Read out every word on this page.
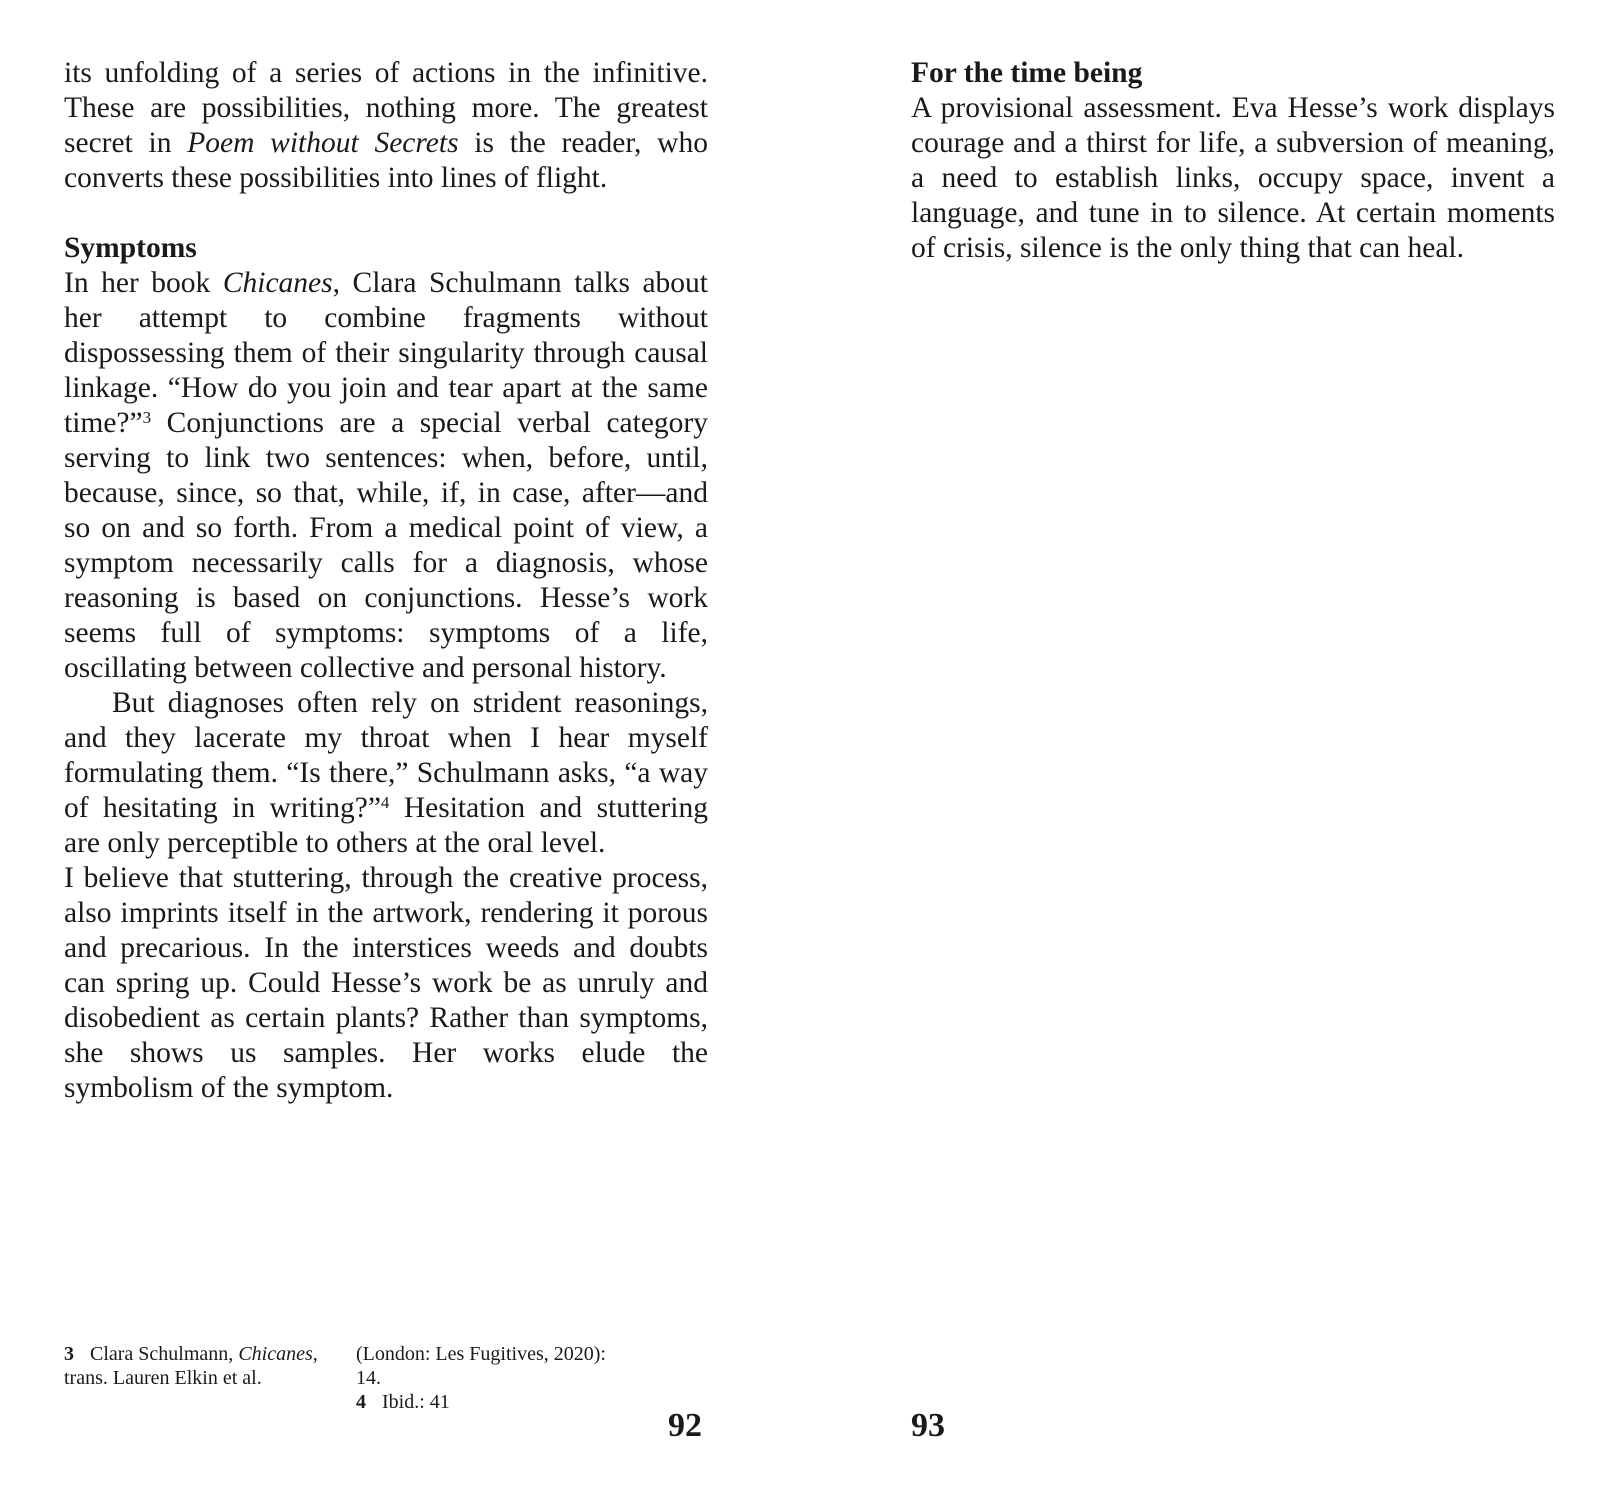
its unfolding of a series of actions in the infinitive. These are possibilities, nothing more. The greatest secret in Poem without Secrets is the reader, who converts these possibilities into lines of flight.

Symptoms

In her book Chicanes, Clara Schulmann talks about her attempt to combine fragments without dispossessing them of their singularity through causal linkage. “How do you join and tear apart at the same time?”$^3$ Conjunctions are a special verbal category serving to link two sentences: when, before, until, because, since, so that, while, if, in case, after—and so on and so forth. From a medical point of view, a symptom necessarily calls for a diagnosis, whose reasoning is based on conjunctions. Hesse’s work seems full of symptoms: symptoms of a life, oscillating between collective and personal history.

But diagnoses often rely on strident reasonings, and they lacerate my throat when I hear myself formulating them. “Is there,” Schulmann asks, “a way of hesitating in writing?”$^4$ Hesitation and stuttering are only perceptible to others at the oral level.

I believe that stuttering, through the creative process, also imprints itself in the artwork, rendering it porous and precarious. In the interstices weeds and doubts can spring up. Could Hesse’s work be as unruly and disobedient as certain plants? Rather than symptoms, she shows us samples. Her works elude the symbolism of the symptom.

3 Clara Schulmann, Chicanes, trans. Lauren Elkin et al. (London: Les Fugitives, 2020): 14.

4 Ibid.: 41

92

For the time being

A provisional assessment. Eva Hesse’s work displays courage and a thirst for life, a subversion of meaning, a need to establish links, occupy space, invent a language, and tune in to silence. At certain moments of crisis, silence is the only thing that can heal.

93
